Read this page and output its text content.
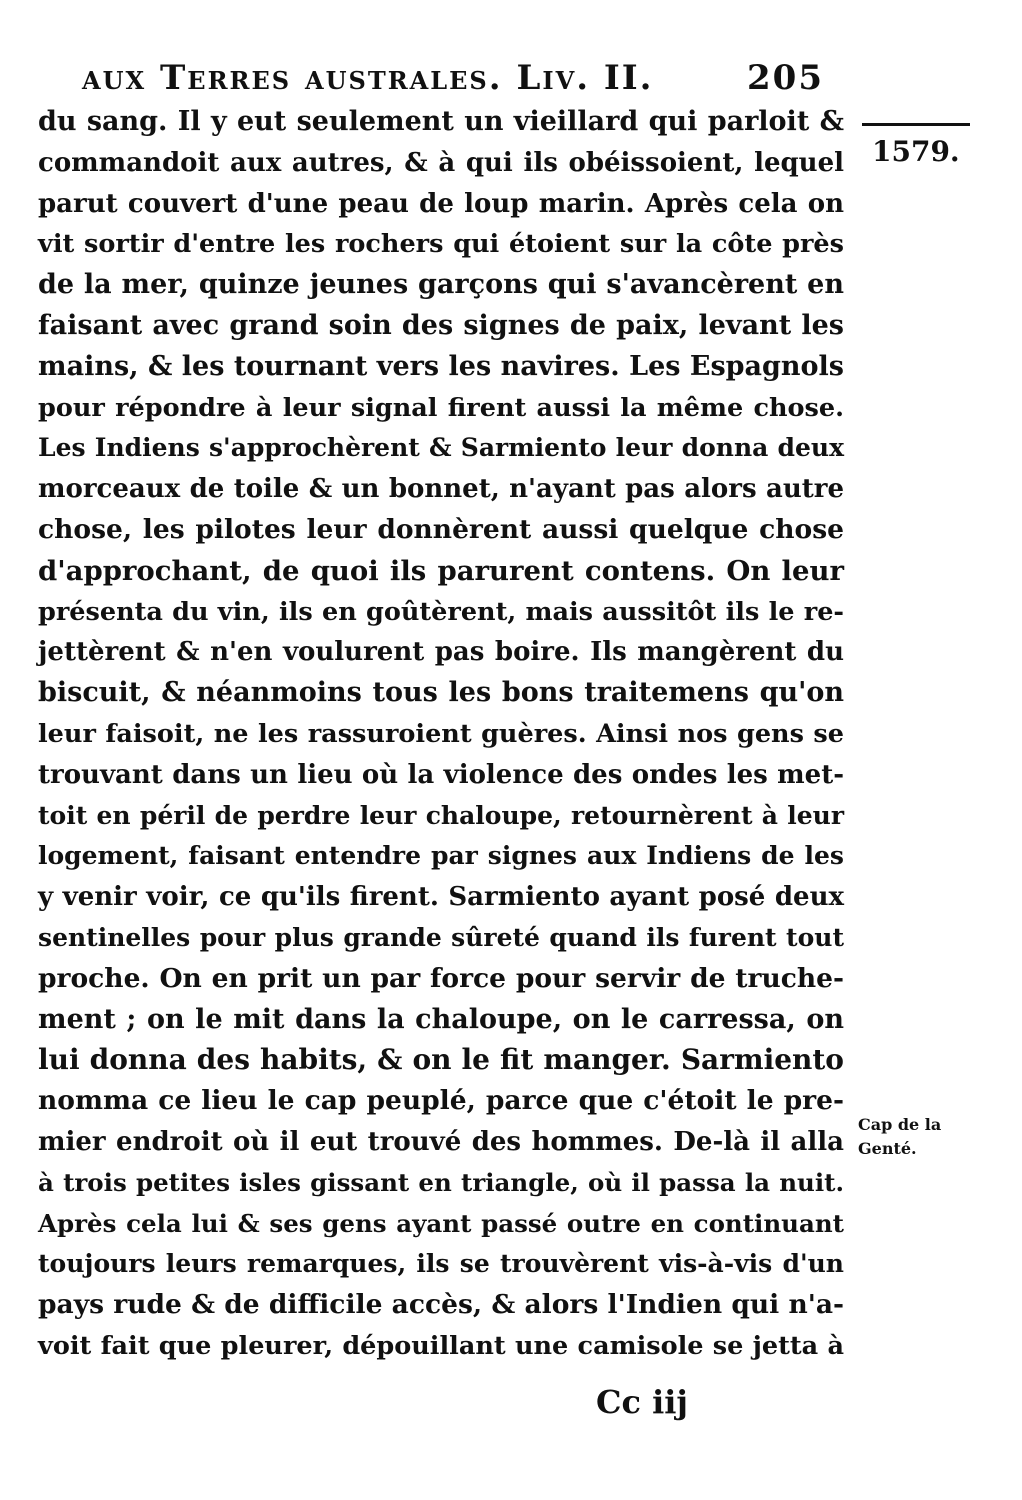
aux Terres australes. Liv. II.	205
1579.
du sang. Il y eut seulement un vieillard qui parloit &
commandoit aux autres, & à qui ils obéissoient, lequel
parut couvert d'une peau de loup marin. Après cela on
vit sortir d'entre les rochers qui étoient sur la côte près
de la mer, quinze jeunes garçons qui s'avancèrent en
faisant avec grand soin des signes de paix, levant les
mains, & les tournant vers les navires. Les Espagnols
pour répondre à leur signal firent aussi la même chose.
Les Indiens s'approchèrent & Sarmiento leur donna deux
morceaux de toile & un bonnet, n'ayant pas alors autre
chose, les pilotes leur donnèrent aussi quelque chose
d'approchant, de quoi ils parurent contens. On leur
présenta du vin, ils en goûtèrent, mais aussitôt ils le re-
jettèrent & n'en voulurent pas boire. Ils mangèrent du
biscuit, & néanmoins tous les bons traitemens qu'on
leur faisoit, ne les rassuroient guères. Ainsi nos gens se
trouvant dans un lieu où la violence des ondes les met-
toit en péril de perdre leur chaloupe, retournèrent à leur
logement, faisant entendre par signes aux Indiens de les
y venir voir, ce qu'ils firent. Sarmiento ayant posé deux
sentinelles pour plus grande sûreté quand ils furent tout
proche. On en prit un par force pour servir de truche-
ment ; on le mit dans la chaloupe, on le carressa, on
lui donna des habits, & on le fit manger. Sarmiento
nomma ce lieu le cap peuplé, parce que c'étoit le pre-
mier endroit où il eut trouvé des hommes. De-là il alla
à trois petites isles gissant en triangle, où il passa la nuit.
Après cela lui & ses gens ayant passé outre en continuant
toujours leurs remarques, ils se trouvèrent vis-à-vis d'un
pays rude & de difficile accès, & alors l'Indien qui n'a-
voit fait que pleurer, dépouillant une camisole se jetta à
Cap de la
Genté.
Cc iij
